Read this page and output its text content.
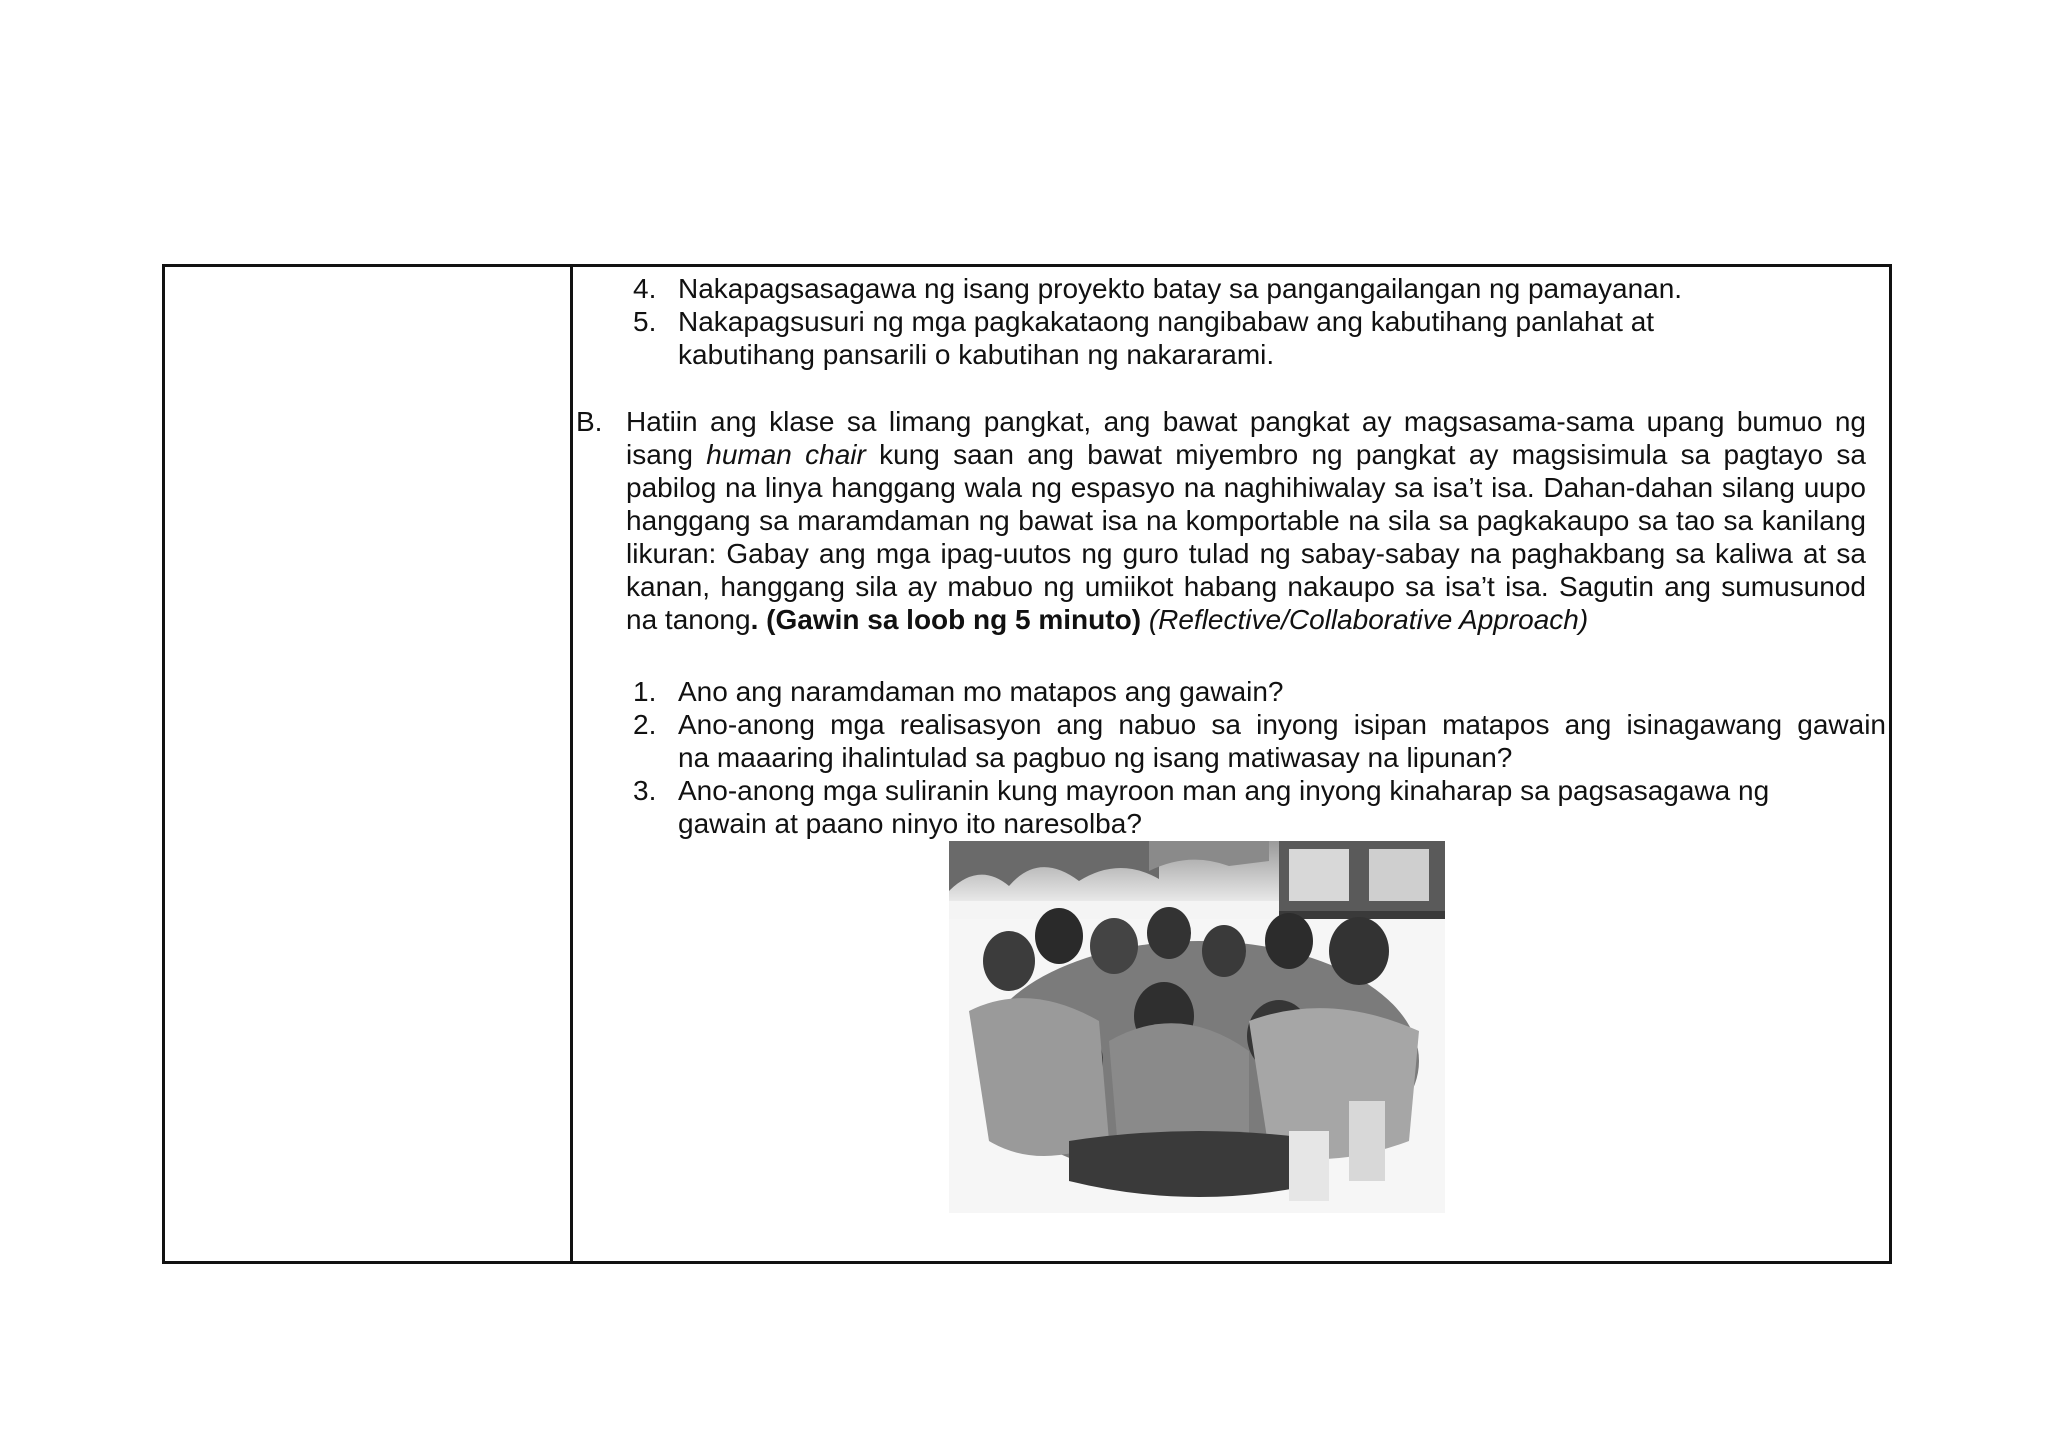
4. Nakapagsasagawa ng isang proyekto batay sa pangangailangan ng pamayanan.
5. Nakapagsusuri ng mga pagkakataong nangibabaw ang kabutihang panlahat at
kabutihang pansarili o kabutihan ng nakararami.
B. Hatiin ang klase sa limang pangkat, ang bawat pangkat ay magsasama-sama upang bumuo ng isang human chair kung saan ang bawat miyembro ng pangkat ay magsisimula sa pagtayo sa pabilog na linya hanggang wala ng espasyo na naghihiwalay sa isa’t isa. Dahan-dahan silang uupo hanggang sa maramdaman ng bawat isa na komportable na sila sa pagkakaupo sa tao sa kanilang likuran: Gabay ang mga ipag-uutos ng guro tulad ng sabay-sabay na paghakbang sa kaliwa at sa kanan, hanggang sila ay mabuo ng umiikot habang nakaupo sa isa’t isa. Sagutin ang sumusunod na tanong. (Gawin sa loob ng 5 minuto) (Reflective/Collaborative Approach)
1. Ano ang naramdaman mo matapos ang gawain?
2. Ano-anong mga realisasyon ang nabuo sa inyong isipan matapos ang isinagawang gawain
na maaaring ihalintulad sa pagbuo ng isang matiwasay na lipunan?
3. Ano-anong mga suliranin kung mayroon man ang inyong kinaharap sa pagsasagawa ng
gawain at paano ninyo ito naresolba?
